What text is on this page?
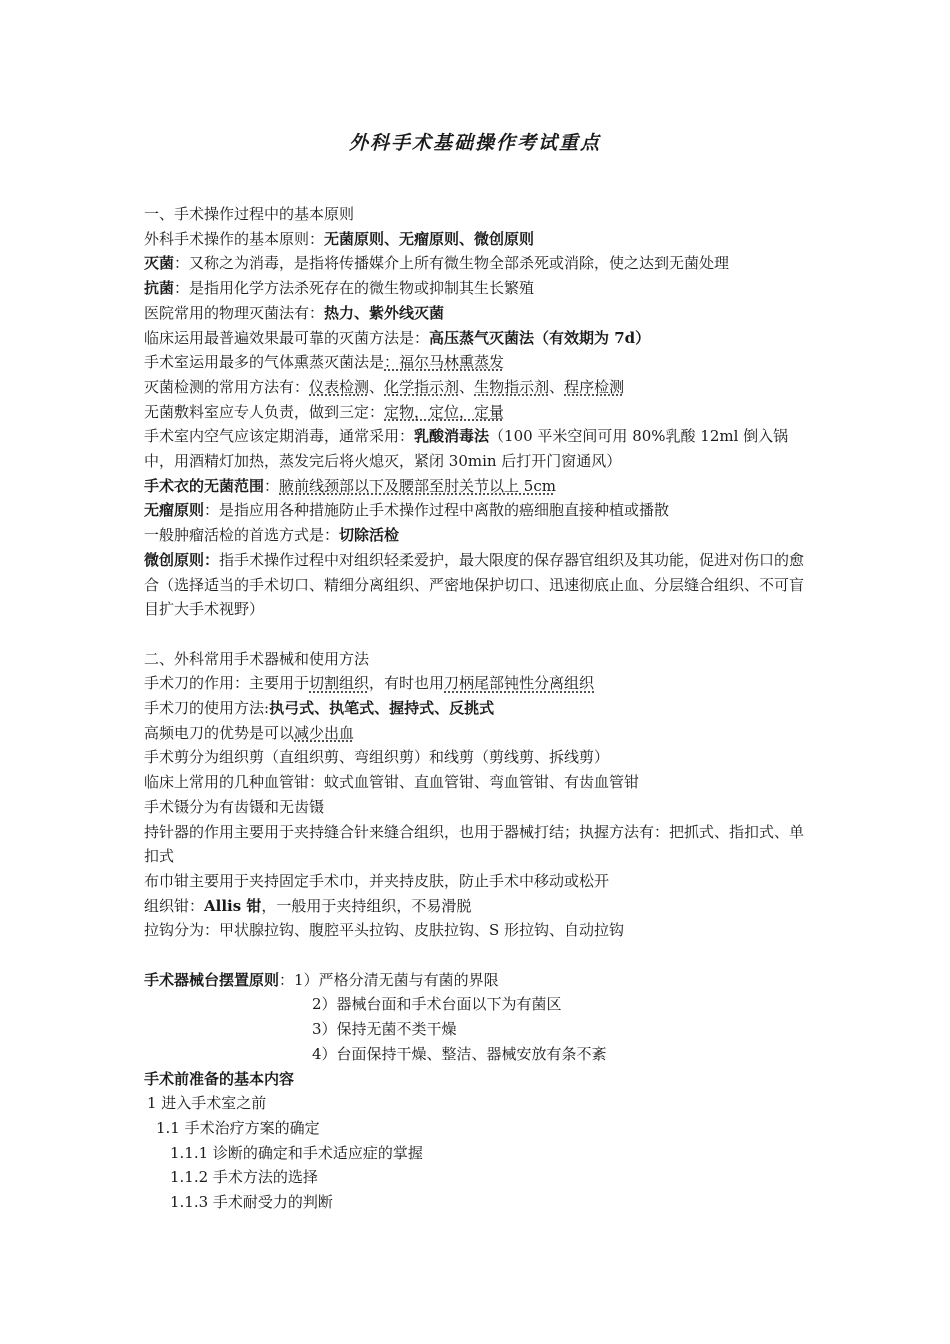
外科手术基础操作考试重点
一、手术操作过程中的基本原则
外科手术操作的基本原则：无菌原则、无瘤原则、微创原则
灭菌：又称之为消毒，是指将传播媒介上所有微生物全部杀死或消除，使之达到无菌处理
抗菌：是指用化学方法杀死存在的微生物或抑制其生长繁殖
医院常用的物理灭菌法有：热力、紫外线灭菌
临床运用最普遍效果最可靠的灭菌方法是：高压蒸气灭菌法（有效期为 7d）
手术室运用最多的气体熏蒸灭菌法是：福尔马林熏蒸发
灭菌检测的常用方法有：仪表检测、化学指示剂、生物指示剂、程序检测
无菌敷料室应专人负责，做到三定：定物，定位，定量
手术室内空气应该定期消毒，通常采用：乳酸消毒法（100 平米空间可用 80%乳酸 12ml 倒入锅中，用酒精灯加热，蒸发完后将火熄灭，紧闭 30min 后打开门窗通风）
手术衣的无菌范围：腋前线颈部以下及腰部至肘关节以上 5cm
无瘤原则：是指应用各种措施防止手术操作过程中离散的癌细胞直接种植或播散
一般肿瘤活检的首选方式是：切除活检
微创原则：指手术操作过程中对组织轻柔爱护，最大限度的保存器官组织及其功能，促进对伤口的愈合（选择适当的手术切口、精细分离组织、严密地保护切口、迅速彻底止血、分层缝合组织、不可盲目扩大手术视野）
二、外科常用手术器械和使用方法
手术刀的作用：主要用于切割组织，有时也用刀柄尾部钝性分离组织
手术刀的使用方法:执弓式、执笔式、握持式、反挑式
高频电刀的优势是可以减少出血
手术剪分为组织剪（直组织剪、弯组织剪）和线剪（剪线剪、拆线剪）
临床上常用的几种血管钳：蚊式血管钳、直血管钳、弯血管钳、有齿血管钳
手术镊分为有齿镊和无齿镊
持针器的作用主要用于夹持缝合针来缝合组织，也用于器械打结；执握方法有：把抓式、指扣式、单扣式
布巾钳主要用于夹持固定手术巾，并夹持皮肤，防止手术中移动或松开
组织钳：Allis 钳，一般用于夹持组织，不易滑脱
拉钩分为：甲状腺拉钩、腹腔平头拉钩、皮肤拉钩、S 形拉钩、自动拉钩
手术器械台摆置原则：1）严格分清无菌与有菌的界限
2）器械台面和手术台面以下为有菌区
3）保持无菌不类干燥
4）台面保持干燥、整洁、器械安放有条不紊
手术前准备的基本内容
1 进入手术室之前
1.1 手术治疗方案的确定
1.1.1 诊断的确定和手术适应症的掌握
1.1.2 手术方法的选择
1.1.3 手术耐受力的判断
